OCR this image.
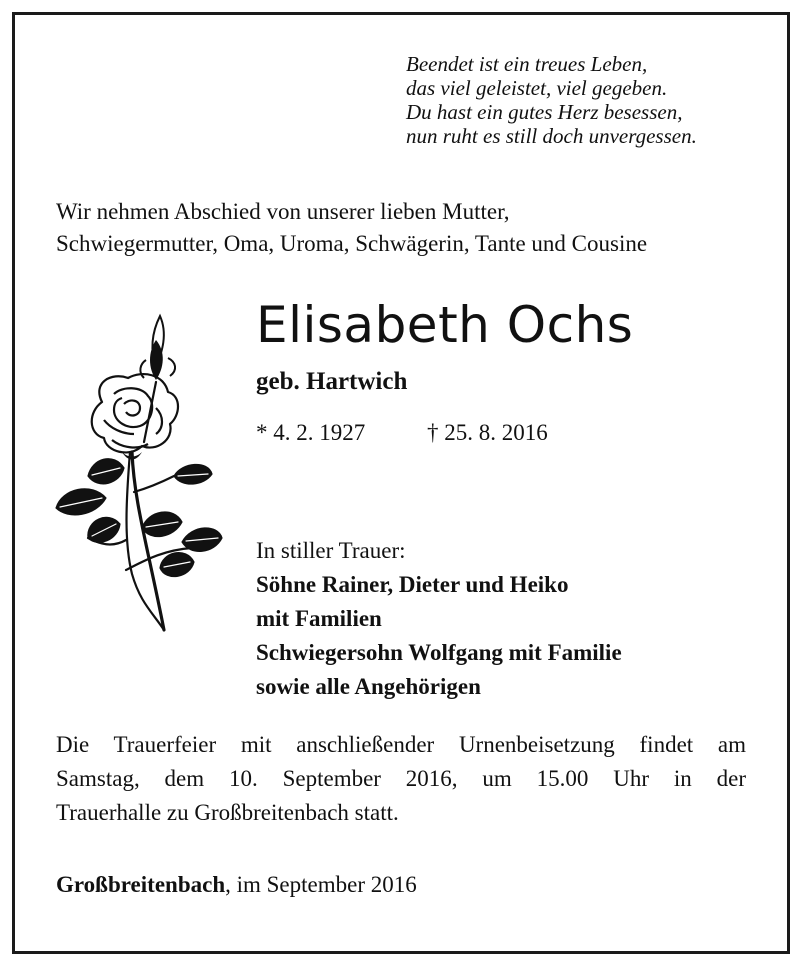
Beendet ist ein treues Leben,
das viel geleistet, viel gegeben.
Du hast ein gutes Herz besessen,
nun ruht es still doch unvergessen.
Wir nehmen Abschied von unserer lieben Mutter,
Schwiegermutter, Oma, Uroma, Schwägerin, Tante und Cousine
Elisabeth Ochs
geb. Hartwich
* 4. 2. 1927	† 25. 8. 2016
In stiller Trauer:
Söhne Rainer, Dieter und Heiko
mit Familien
Schwiegersohn Wolfgang mit Familie
sowie alle Angehörigen
Die Trauerfeier mit anschließender Urnenbeisetzung findet am
Samstag, dem 10. September 2016, um 15.00 Uhr in der
Trauerhalle zu Großbreitenbach statt.
Großbreitenbach, im September 2016
